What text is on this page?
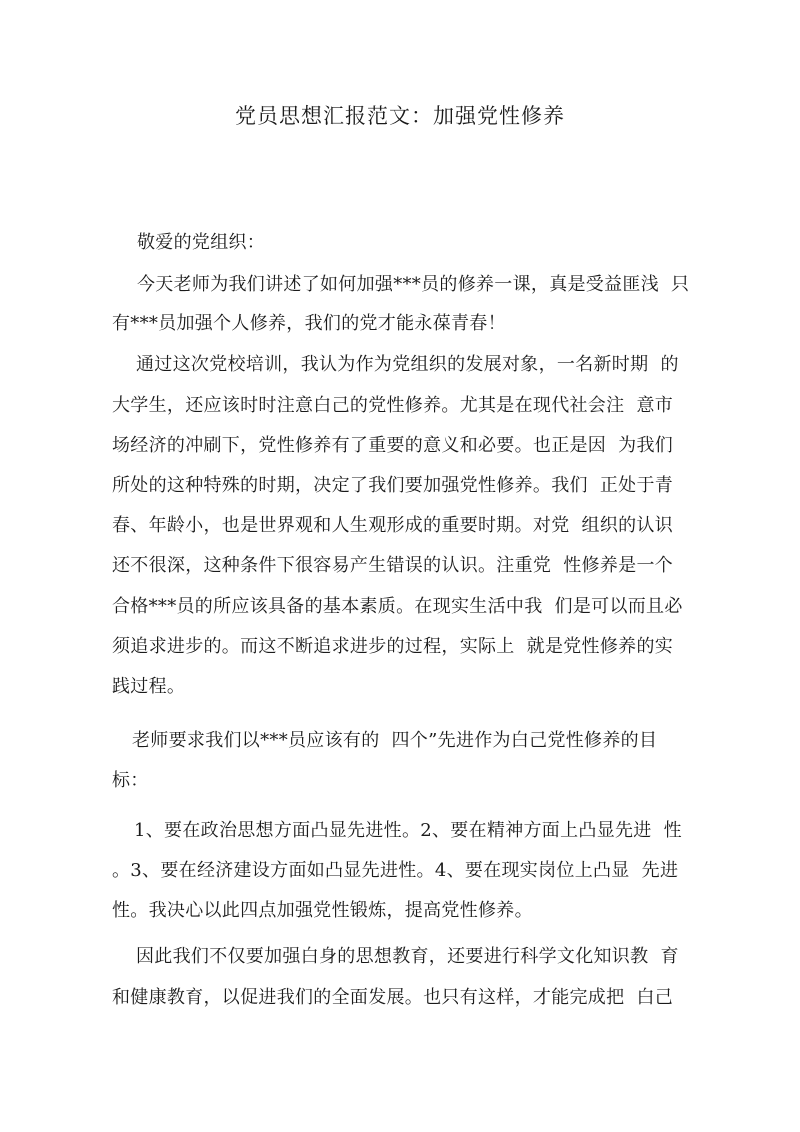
党员思想汇报范文：加强党性修养
敬爱的党组织：
今天老师为我们讲述了如何加强***员的修养一课，真是受益匪浅  只
有***员加强个人修养，我们的党才能永葆青春！
通过这次党校培训，我认为作为党组织的发展对象，一名新时期  的
大学生，还应该时时注意白己的党性修养。尤其是在现代社会注  意市
场经济的冲刷下，党性修养有了重要的意义和必要。也正是因  为我们
所处的这种特殊的时期，决定了我们要加强党性修养。我们  正处于青
春、年龄小，也是世界观和人生观形成的重要时期。对党  组织的认识
还不很深，这种条件下很容易产生错误的认识。注重党  性修养是一个
合格***员的所应该具备的基本素质。在现实生活中我  们是可以而且必
须追求进步的。而这不断追求进步的过程，实际上  就是党性修养的实
践过程。
老师要求我们以***员应该有的  四个”先进作为白己党性修养的目
标：
1、要在政治思想方面凸显先进性。2、要在精神方面上凸显先进  性
。3、要在经济建设方面如凸显先进性。4、要在现实岗位上凸显  先进
性。我决心以此四点加强党性锻炼，提高党性修养。
因此我们不仅要加强白身的思想教育，还要进行科学文化知识教  育
和健康教育，以促进我们的全面发展。也只有这样，才能完成把  白己
